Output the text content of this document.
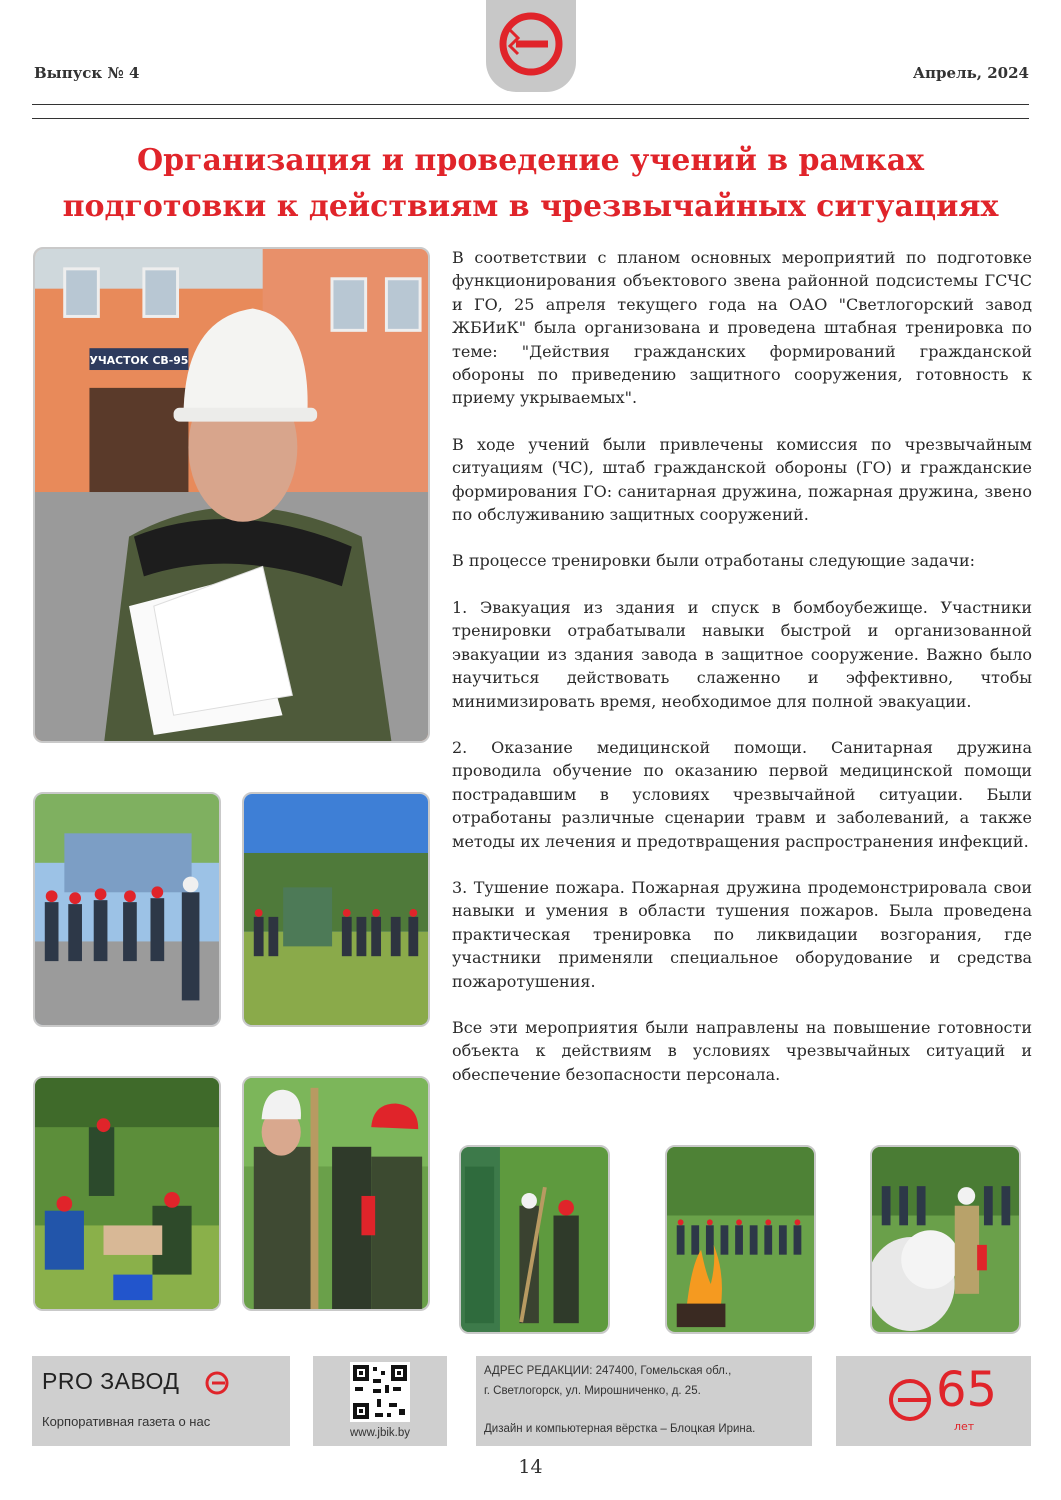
Выпуск № 4	Апрель, 2024
Организация и проведение учений в рамках
подготовки к действиям в чрезвычайных ситуациях
УЧАСТОК СВ-95

В соответствии с планом основных мероприятий по подготовке функционирования объектового звена районной подсистемы ГСЧС и ГО, 25 апреля текущего года на ОАО "Светлогорский завод ЖБИиК" была организована и проведена штабная тренировка по теме: "Действия гражданских формирований гражданской обороны по приведению защитного сооружения, готовность к приему укрываемых".

В ходе учений были привлечены комиссия по чрезвычайным ситуациям (ЧС), штаб гражданской обороны (ГО) и гражданские формирования ГО: санитарная дружина, пожарная дружина, звено по обслуживанию защитных сооружений.

В процессе тренировки были отработаны следующие задачи:

1. Эвакуация из здания и спуск в бомбоубежище. Участники тренировки отрабатывали навыки быстрой и организованной эвакуации из здания завода в защитное сооружение. Важно было научиться действовать слаженно и эффективно, чтобы минимизировать время, необходимое для полной эвакуации.

2. Оказание медицинской помощи. Санитарная дружина проводила обучение по оказанию первой медицинской помощи пострадавшим в условиях чрезвычайной ситуации. Были отработаны различные сценарии травм и заболеваний, а также методы их лечения и предотвращения распространения инфекций.

3. Тушение пожара. Пожарная дружина продемонстрировала свои навыки и умения в области тушения пожаров. Была проведена практическая тренировка по ликвидации возгорания, где участники применяли специальное оборудование и средства пожаротушения.

Все эти мероприятия были направлены на повышение готовности объекта к действиям в условиях чрезвычайных ситуаций и обеспечение безопасности персонала.

PRO ЗАВОД
Корпоративная газета о нас
www.jbik.by
АДРЕС РЕДАКЦИИ: 247400, Гомельская обл.,
г. Светлогорск, ул. Мирошниченко, д. 25.
Дизайн и компьютерная вёрстка – Блоцкая Ирина.
65
лет
14
